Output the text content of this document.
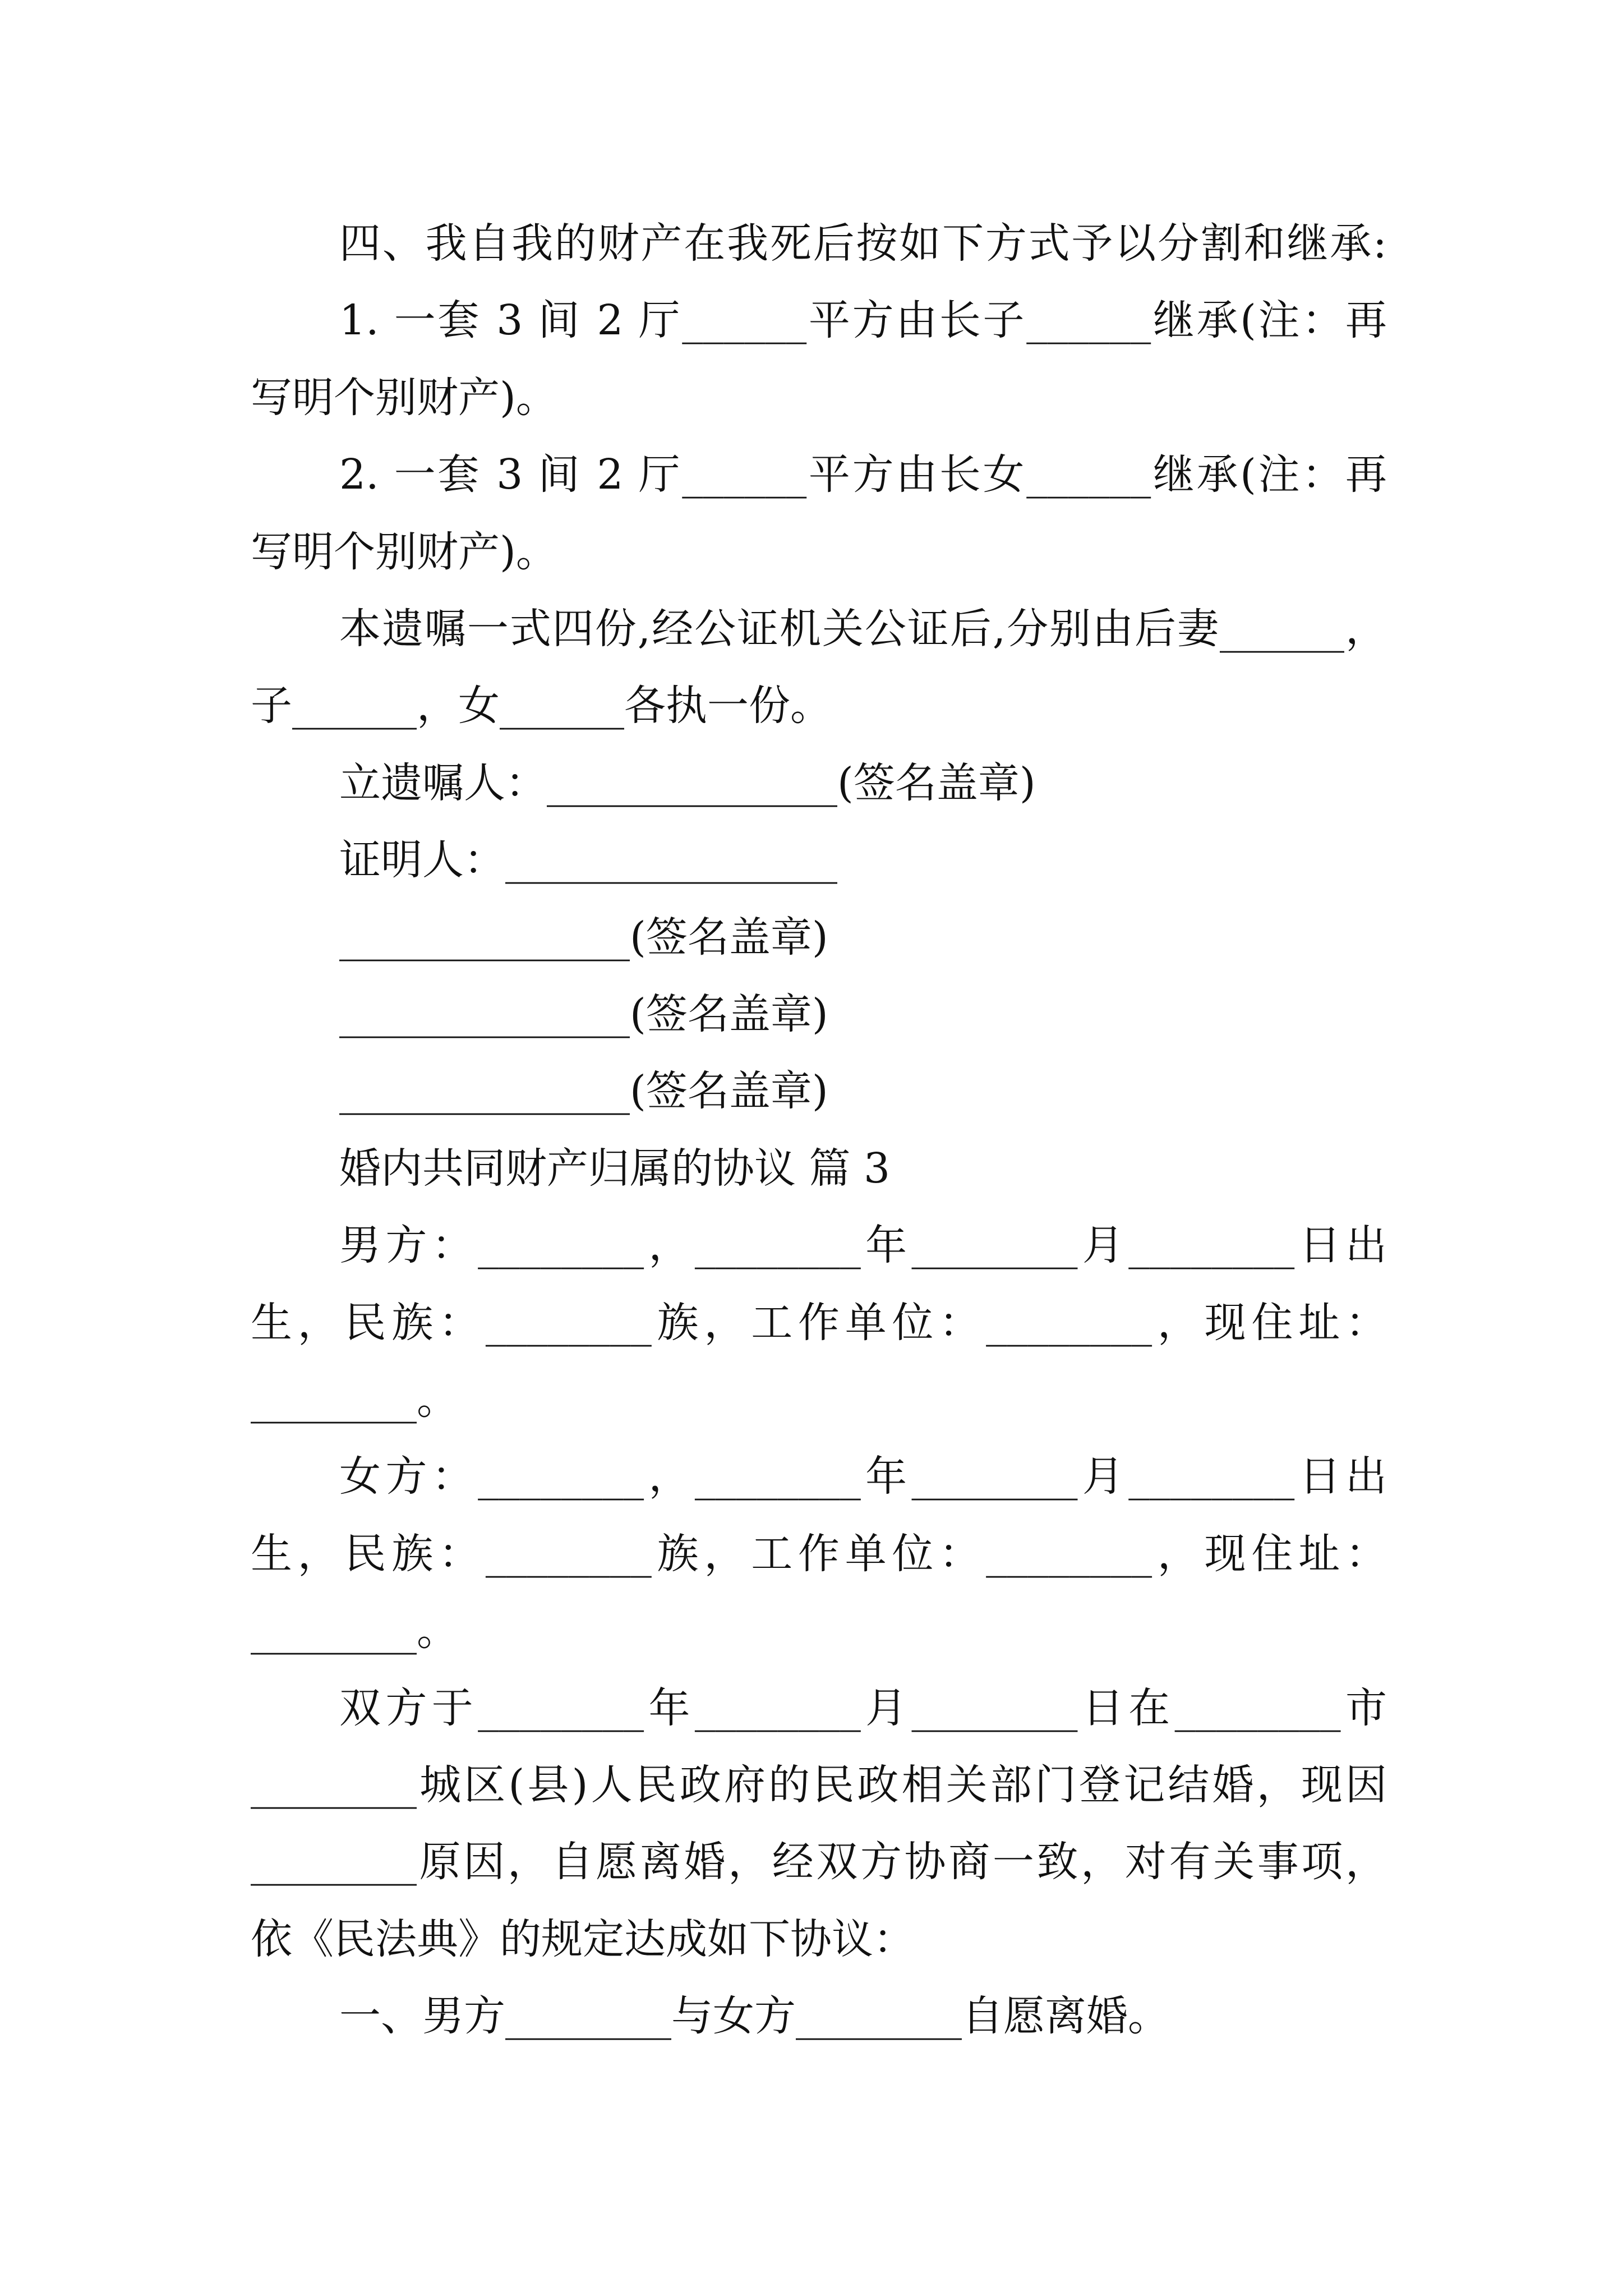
四、我自我的财产在我死后按如下方式予以分割和继承:

1. 一套 3 间 2 厅______平方由长子______继承(注：再

写明个别财产)。

2. 一套 3 间 2 厅______平方由长女______继承(注：再

写明个别财产)。

本遗嘱一式四份,经公证机关公证后,分别由后妻______，

子______，女______各执一份。

立遗嘱人：______________(签名盖章)

证明人：________________

______________(签名盖章)

______________(签名盖章)

______________(签名盖章)

婚内共同财产归属的协议 篇 3

男方：________，________年________月________日出

生，民族：________族，工作单位：________，现住址：

________。

女方：________，________年________月________日出

生，民族：________族，工作单位：________，现住址：

________。

双方于________年________月________日在________市

________城区(县)人民政府的民政相关部门登记结婚，现因

________原因，自愿离婚，经双方协商一致，对有关事项，

依《民法典》的规定达成如下协议：

一、男方________与女方________自愿离婚。
